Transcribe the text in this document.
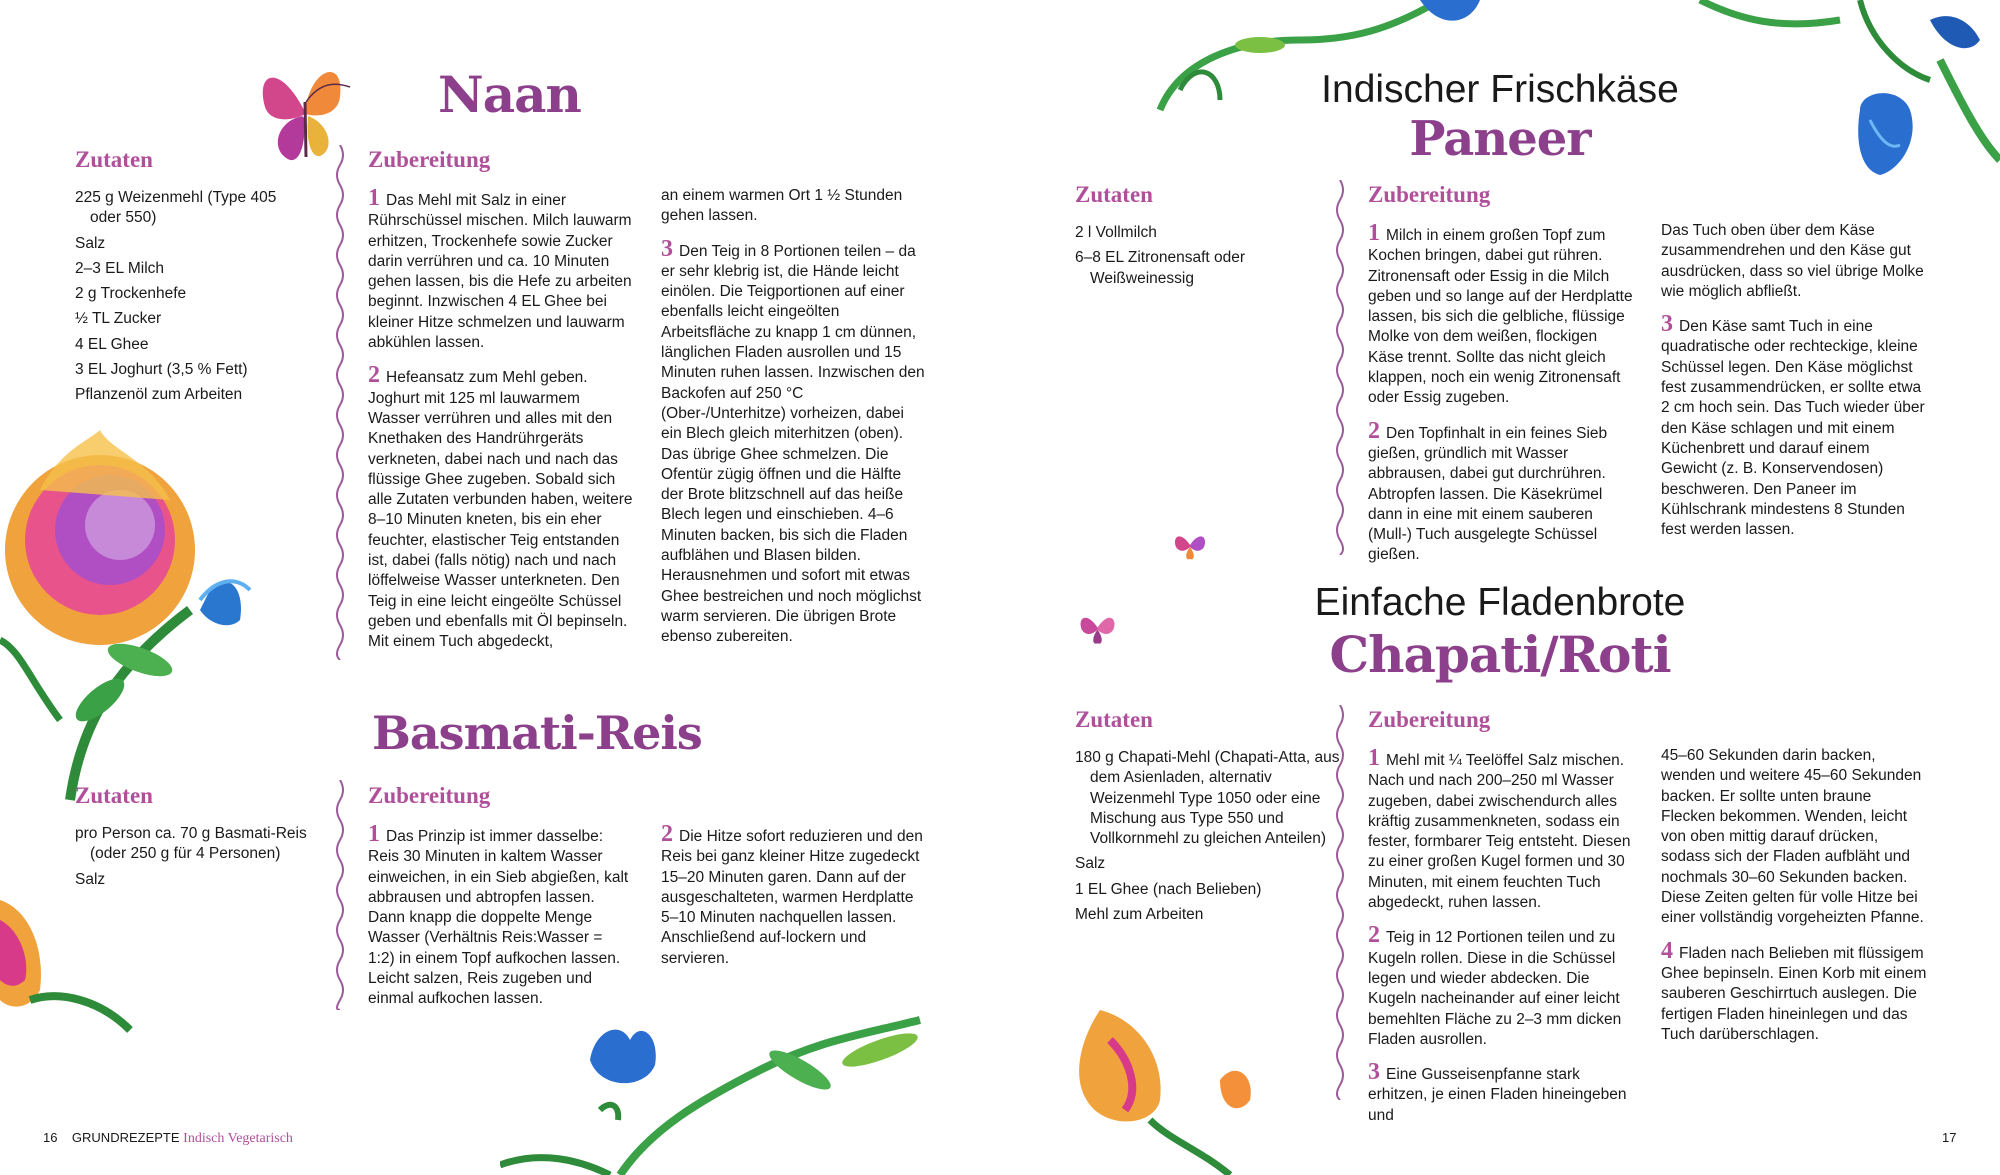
Naan
Zutaten
225 g Weizenmehl (Type 405 oder 550)
Salz
2–3 EL Milch
2 g Trockenhefe
½ TL Zucker
4 EL Ghee
3 EL Joghurt (3,5 % Fett)
Pflanzenöl zum Arbeiten
Zubereitung

1 Das Mehl mit Salz in einer Rührschüssel mischen. Milch lauwarm erhitzen, Trockenhefe sowie Zucker darin verrühren und ca. 10 Minuten gehen lassen, bis die Hefe zu arbeiten beginnt. Inzwischen 4 EL Ghee bei kleiner Hitze schmelzen und lauwarm abkühlen lassen.

2 Hefeansatz zum Mehl geben. Joghurt mit 125 ml lauwarmem Wasser verrühren und alles mit den Knethaken des Handrührgeräts verkneten, dabei nach und nach das flüssige Ghee zugeben. Sobald sich alle Zutaten verbunden haben, weitere 8–10 Minuten kneten, bis ein eher feuchter, elastischer Teig entstanden ist, dabei (falls nötig) nach und nach löffelweise Wasser unterkneten. Den Teig in eine leicht eingeölte Schüssel geben und ebenfalls mit Öl bepinseln. Mit einem Tuch abgedeckt,

an einem warmen Ort 1 ½ Stunden gehen lassen.

3 Den Teig in 8 Portionen teilen – da er sehr klebrig ist, die Hände leicht einölen. Die Teigportionen auf einer ebenfalls leicht eingeölten Arbeitsfläche zu knapp 1 cm dünnen, länglichen Fladen ausrollen und 15 Minuten ruhen lassen. Inzwischen den Backofen auf 250 °C (Ober-/Unterhitze) vorheizen, dabei ein Blech gleich miterhitzen (oben). Das übrige Ghee schmelzen. Die Ofentür zügig öffnen und die Hälfte der Brote blitzschnell auf das heiße Blech legen und einschieben. 4–6 Minuten backen, bis sich die Fladen aufblähen und Blasen bilden. Herausnehmen und sofort mit etwas Ghee bestreichen und noch möglichst warm servieren. Die übrigen Brote ebenso zubereiten.

Basmati-Reis
Zutaten
pro Person ca. 70 g Basmati-Reis (oder 250 g für 4 Personen)
Salz
Zubereitung

1 Das Prinzip ist immer dasselbe: Reis 30 Minuten in kaltem Wasser einweichen, in ein Sieb abgießen, kalt abbrausen und abtropfen lassen. Dann knapp die doppelte Menge Wasser (Verhältnis Reis:Wasser = 1:2) in einem Topf aufkochen lassen. Leicht salzen, Reis zugeben und einmal aufkochen lassen.

2 Die Hitze sofort reduzieren und den Reis bei ganz kleiner Hitze zugedeckt 15–20 Minuten garen. Dann auf der ausgeschalteten, warmen Herdplatte 5–10 Minuten nachquellen lassen. Anschließend auf-lockern und servieren.

Indischer Frischkäse
Paneer
Zutaten
2 l Vollmilch
6–8 EL Zitronensaft oder Weißweinessig
Zubereitung

1 Milch in einem großen Topf zum Kochen bringen, dabei gut rühren. Zitronensaft oder Essig in die Milch geben und so lange auf der Herdplatte lassen, bis sich die gelbliche, flüssige Molke von dem weißen, flockigen Käse trennt. Sollte das nicht gleich klappen, noch ein wenig Zitronensaft oder Essig zugeben.

2 Den Topfinhalt in ein feines Sieb gießen, gründlich mit Wasser abbrausen, dabei gut durchrühren. Abtropfen lassen. Die Käsekrümel dann in eine mit einem sauberen (Mull-) Tuch ausgelegte Schüssel gießen.

Das Tuch oben über dem Käse zusammendrehen und den Käse gut ausdrücken, dass so viel übrige Molke wie möglich abfließt.

3 Den Käse samt Tuch in eine quadratische oder rechteckige, kleine Schüssel legen. Den Käse möglichst fest zusammendrücken, er sollte etwa 2 cm hoch sein. Das Tuch wieder über den Käse schlagen und mit einem Küchenbrett und darauf einem Gewicht (z. B. Konservendosen) beschweren. Den Paneer im Kühlschrank mindestens 8 Stunden fest werden lassen.

Einfache Fladenbrote
Chapati/Roti
Zutaten
180 g Chapati-Mehl (Chapati-Atta, aus dem Asienladen, alternativ Weizenmehl Type 1050 oder eine Mischung aus Type 550 und Vollkornmehl zu gleichen Anteilen)
Salz
1 EL Ghee (nach Belieben)
Mehl zum Arbeiten
Zubereitung

1 Mehl mit ¼ Teelöffel Salz mischen. Nach und nach 200–250 ml Wasser zugeben, dabei zwischendurch alles kräftig zusammenkneten, sodass ein fester, formbarer Teig entsteht. Diesen zu einer großen Kugel formen und 30 Minuten, mit einem feuchten Tuch abgedeckt, ruhen lassen.

2 Teig in 12 Portionen teilen und zu Kugeln rollen. Diese in die Schüssel legen und wieder abdecken. Die Kugeln nacheinander auf einer leicht bemehlten Fläche zu 2–3 mm dicken Fladen ausrollen.

3 Eine Gusseisenpfanne stark erhitzen, je einen Fladen hineingeben und

45–60 Sekunden darin backen, wenden und weitere 45–60 Sekunden backen. Er sollte unten braune Flecken bekommen. Wenden, leicht von oben mittig darauf drücken, sodass sich der Fladen aufbläht und nochmals 30–60 Sekunden backen. Diese Zeiten gelten für volle Hitze bei einer vollständig vorgeheizten Pfanne.

4 Fladen nach Belieben mit flüssigem Ghee bepinseln. Einen Korb mit einem sauberen Geschirrtuch auslegen. Die fertigen Fladen hineinlegen und das Tuch darüberschlagen.

16 GRUNDREZEPTE Indisch Vegetarisch	17
